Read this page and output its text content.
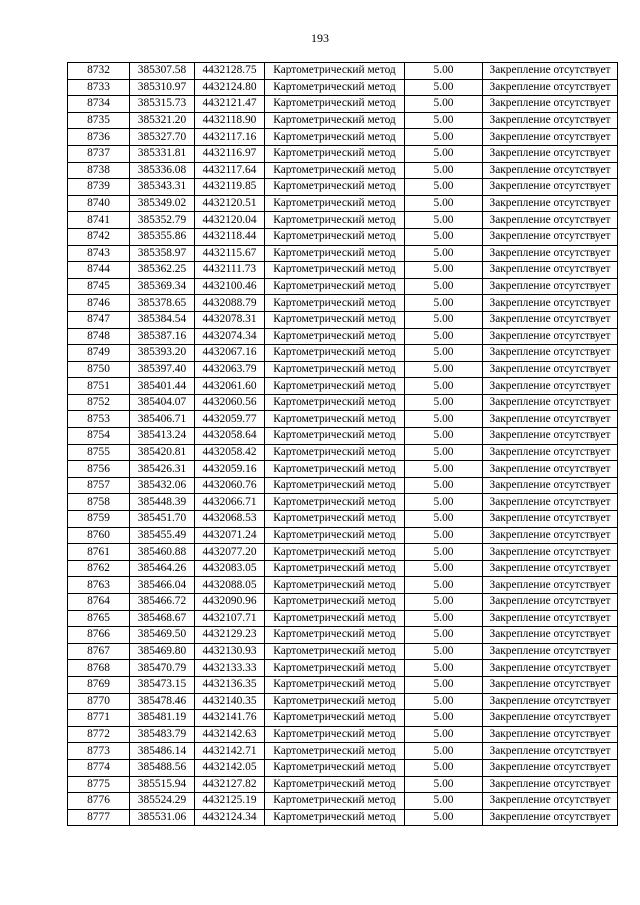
193
8732	385307.58	4432128.75	Картометрический метод	5.00	Закрепление отсутствует
8733	385310.97	4432124.80	Картометрический метод	5.00	Закрепление отсутствует
8734	385315.73	4432121.47	Картометрический метод	5.00	Закрепление отсутствует
8735	385321.20	4432118.90	Картометрический метод	5.00	Закрепление отсутствует
8736	385327.70	4432117.16	Картометрический метод	5.00	Закрепление отсутствует
8737	385331.81	4432116.97	Картометрический метод	5.00	Закрепление отсутствует
8738	385336.08	4432117.64	Картометрический метод	5.00	Закрепление отсутствует
8739	385343.31	4432119.85	Картометрический метод	5.00	Закрепление отсутствует
8740	385349.02	4432120.51	Картометрический метод	5.00	Закрепление отсутствует
8741	385352.79	4432120.04	Картометрический метод	5.00	Закрепление отсутствует
8742	385355.86	4432118.44	Картометрический метод	5.00	Закрепление отсутствует
8743	385358.97	4432115.67	Картометрический метод	5.00	Закрепление отсутствует
8744	385362.25	4432111.73	Картометрический метод	5.00	Закрепление отсутствует
8745	385369.34	4432100.46	Картометрический метод	5.00	Закрепление отсутствует
8746	385378.65	4432088.79	Картометрический метод	5.00	Закрепление отсутствует
8747	385384.54	4432078.31	Картометрический метод	5.00	Закрепление отсутствует
8748	385387.16	4432074.34	Картометрический метод	5.00	Закрепление отсутствует
8749	385393.20	4432067.16	Картометрический метод	5.00	Закрепление отсутствует
8750	385397.40	4432063.79	Картометрический метод	5.00	Закрепление отсутствует
8751	385401.44	4432061.60	Картометрический метод	5.00	Закрепление отсутствует
8752	385404.07	4432060.56	Картометрический метод	5.00	Закрепление отсутствует
8753	385406.71	4432059.77	Картометрический метод	5.00	Закрепление отсутствует
8754	385413.24	4432058.64	Картометрический метод	5.00	Закрепление отсутствует
8755	385420.81	4432058.42	Картометрический метод	5.00	Закрепление отсутствует
8756	385426.31	4432059.16	Картометрический метод	5.00	Закрепление отсутствует
8757	385432.06	4432060.76	Картометрический метод	5.00	Закрепление отсутствует
8758	385448.39	4432066.71	Картометрический метод	5.00	Закрепление отсутствует
8759	385451.70	4432068.53	Картометрический метод	5.00	Закрепление отсутствует
8760	385455.49	4432071.24	Картометрический метод	5.00	Закрепление отсутствует
8761	385460.88	4432077.20	Картометрический метод	5.00	Закрепление отсутствует
8762	385464.26	4432083.05	Картометрический метод	5.00	Закрепление отсутствует
8763	385466.04	4432088.05	Картометрический метод	5.00	Закрепление отсутствует
8764	385466.72	4432090.96	Картометрический метод	5.00	Закрепление отсутствует
8765	385468.67	4432107.71	Картометрический метод	5.00	Закрепление отсутствует
8766	385469.50	4432129.23	Картометрический метод	5.00	Закрепление отсутствует
8767	385469.80	4432130.93	Картометрический метод	5.00	Закрепление отсутствует
8768	385470.79	4432133.33	Картометрический метод	5.00	Закрепление отсутствует
8769	385473.15	4432136.35	Картометрический метод	5.00	Закрепление отсутствует
8770	385478.46	4432140.35	Картометрический метод	5.00	Закрепление отсутствует
8771	385481.19	4432141.76	Картометрический метод	5.00	Закрепление отсутствует
8772	385483.79	4432142.63	Картометрический метод	5.00	Закрепление отсутствует
8773	385486.14	4432142.71	Картометрический метод	5.00	Закрепление отсутствует
8774	385488.56	4432142.05	Картометрический метод	5.00	Закрепление отсутствует
8775	385515.94	4432127.82	Картометрический метод	5.00	Закрепление отсутствует
8776	385524.29	4432125.19	Картометрический метод	5.00	Закрепление отсутствует
8777	385531.06	4432124.34	Картометрический метод	5.00	Закрепление отсутствует
